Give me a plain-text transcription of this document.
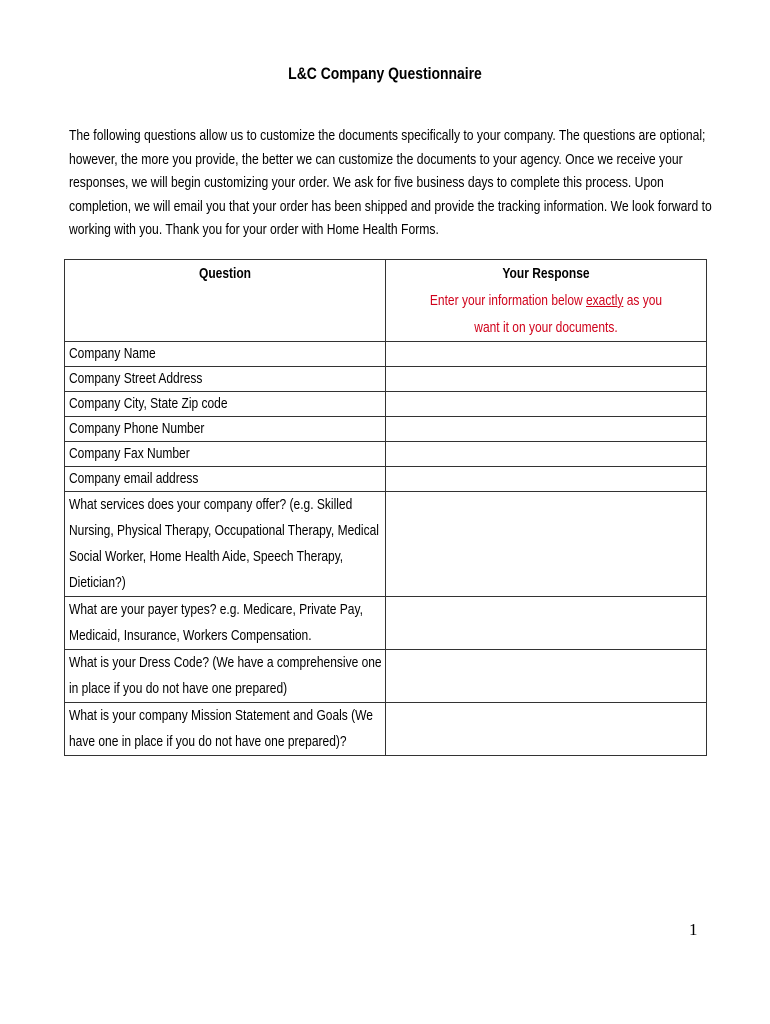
L&C Company Questionnaire
The following questions allow us to customize the documents specifically to your company. The questions are optional;
however, the more you provide, the better we can customize the documents to your agency. Once we receive your
responses, we will begin customizing your order. We ask for five business days to complete this process. Upon
completion, we will email you that your order has been shipped and provide the tracking information. We look forward to
working with you. Thank you for your order with Home Health Forms.
Question	Your Response
Enter your information below exactly as you
want it on your documents.

Company Name	

Company Street Address	

Company City, State Zip code	

Company Phone Number	

Company Fax Number	

Company email address	

What services does your company offer? (e.g. Skilled
Nursing, Physical Therapy, Occupational Therapy, Medical
Social Worker, Home Health Aide, Speech Therapy,
Dietician?)	

What are your payer types? e.g. Medicare, Private Pay,
Medicaid, Insurance, Workers Compensation.	

What is your Dress Code? (We have a comprehensive one
in place if you do not have one prepared)	

What is your company Mission Statement and Goals (We
have one in place if you do not have one prepared)?	

1
